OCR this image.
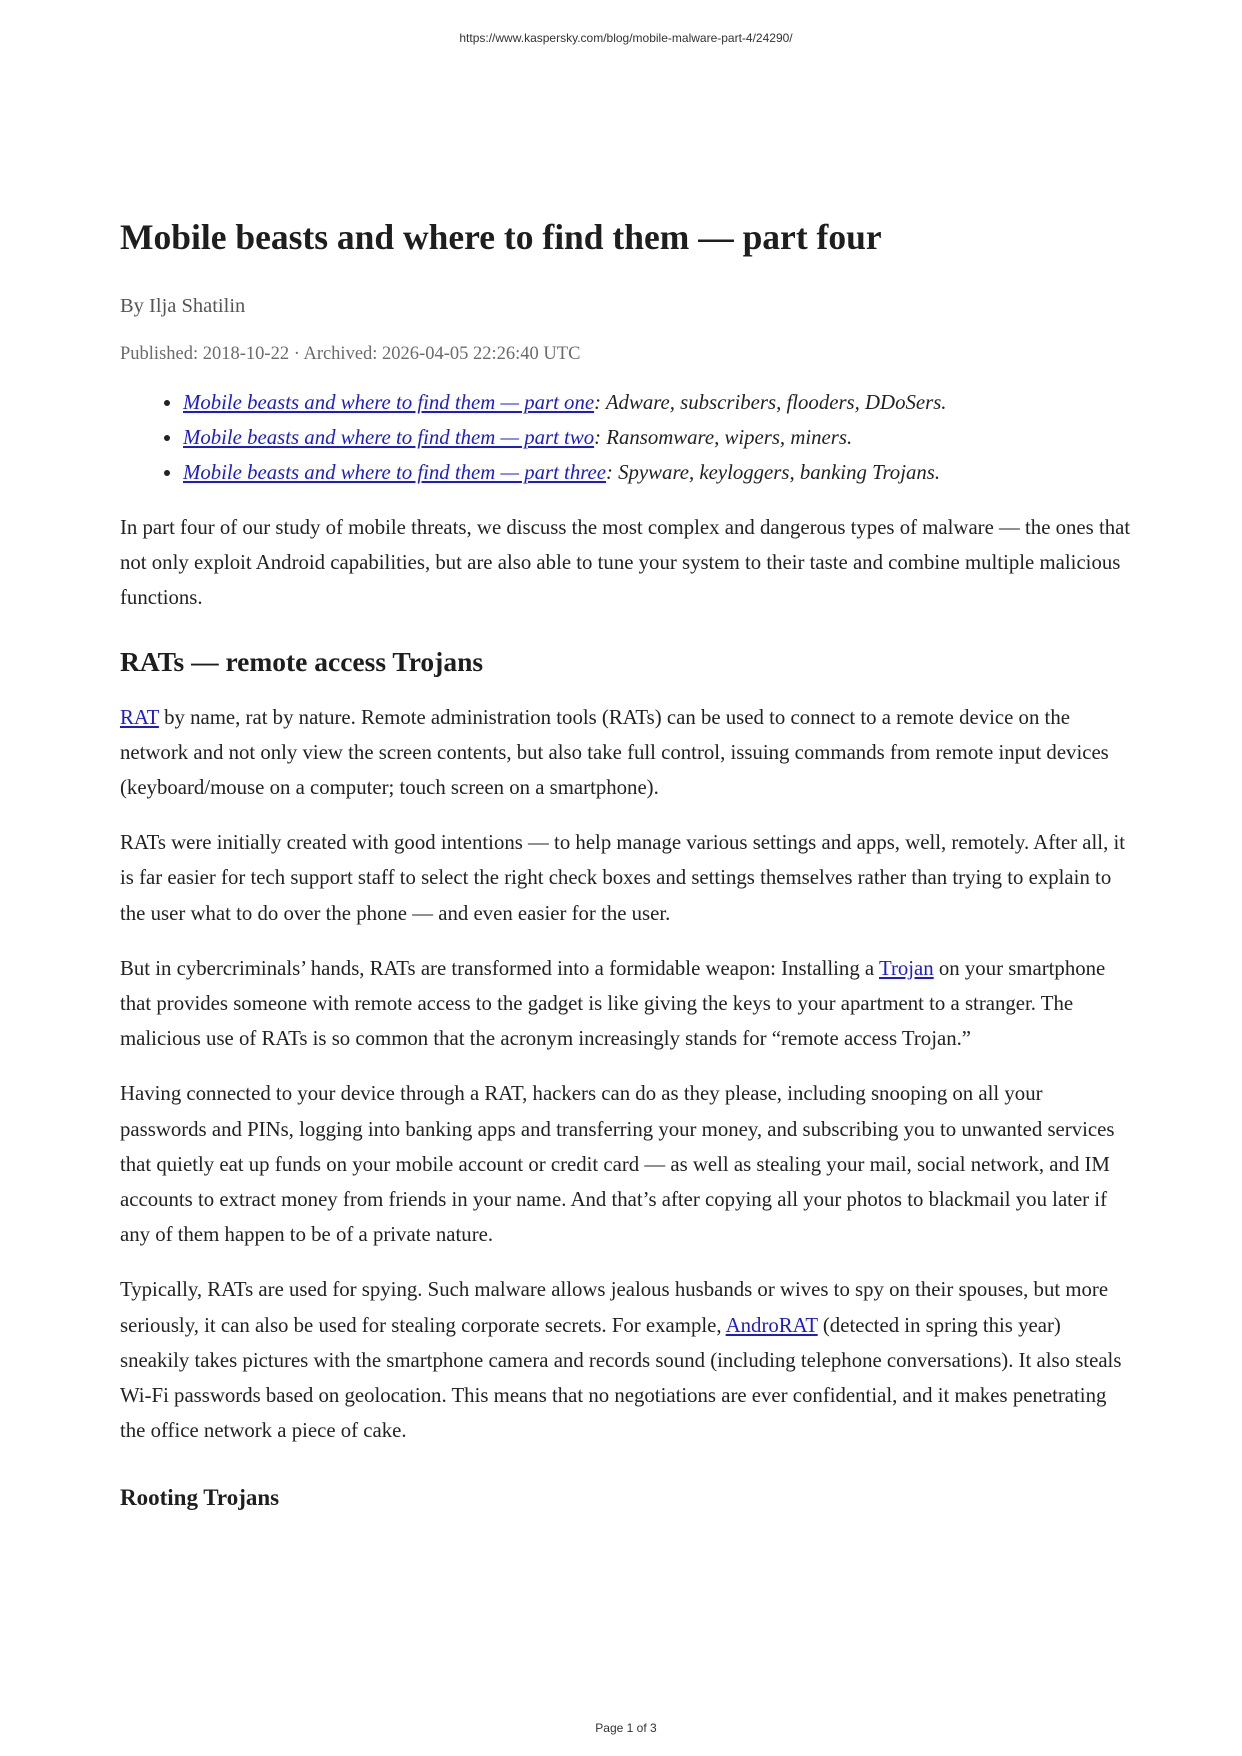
https://www.kaspersky.com/blog/mobile-malware-part-4/24290/
Mobile beasts and where to find them — part four
By Ilja Shatilin
Published: 2018-10-22 · Archived: 2026-04-05 22:26:40 UTC
• Mobile beasts and where to find them — part one: Adware, subscribers, flooders, DDoSers.
• Mobile beasts and where to find them — part two: Ransomware, wipers, miners.
• Mobile beasts and where to find them — part three: Spyware, keyloggers, banking Trojans.

In part four of our study of mobile threats, we discuss the most complex and dangerous types of malware — the ones that not only exploit Android capabilities, but are also able to tune your system to their taste and combine multiple malicious functions.

RATs — remote access Trojans

RAT by name, rat by nature. Remote administration tools (RATs) can be used to connect to a remote device on the network and not only view the screen contents, but also take full control, issuing commands from remote input devices (keyboard/mouse on a computer; touch screen on a smartphone).

RATs were initially created with good intentions — to help manage various settings and apps, well, remotely. After all, it is far easier for tech support staff to select the right check boxes and settings themselves rather than trying to explain to the user what to do over the phone — and even easier for the user.

But in cybercriminals’ hands, RATs are transformed into a formidable weapon: Installing a Trojan on your smartphone that provides someone with remote access to the gadget is like giving the keys to your apartment to a stranger. The malicious use of RATs is so common that the acronym increasingly stands for “remote access Trojan.”

Having connected to your device through a RAT, hackers can do as they please, including snooping on all your passwords and PINs, logging into banking apps and transferring your money, and subscribing you to unwanted services that quietly eat up funds on your mobile account or credit card — as well as stealing your mail, social network, and IM accounts to extract money from friends in your name. And that’s after copying all your photos to blackmail you later if any of them happen to be of a private nature.

Typically, RATs are used for spying. Such malware allows jealous husbands or wives to spy on their spouses, but more seriously, it can also be used for stealing corporate secrets. For example, AndroRAT (detected in spring this year) sneakily takes pictures with the smartphone camera and records sound (including telephone conversations). It also steals Wi-Fi passwords based on geolocation. This means that no negotiations are ever confidential, and it makes penetrating the office network a piece of cake.

Rooting Trojans
Page 1 of 3
